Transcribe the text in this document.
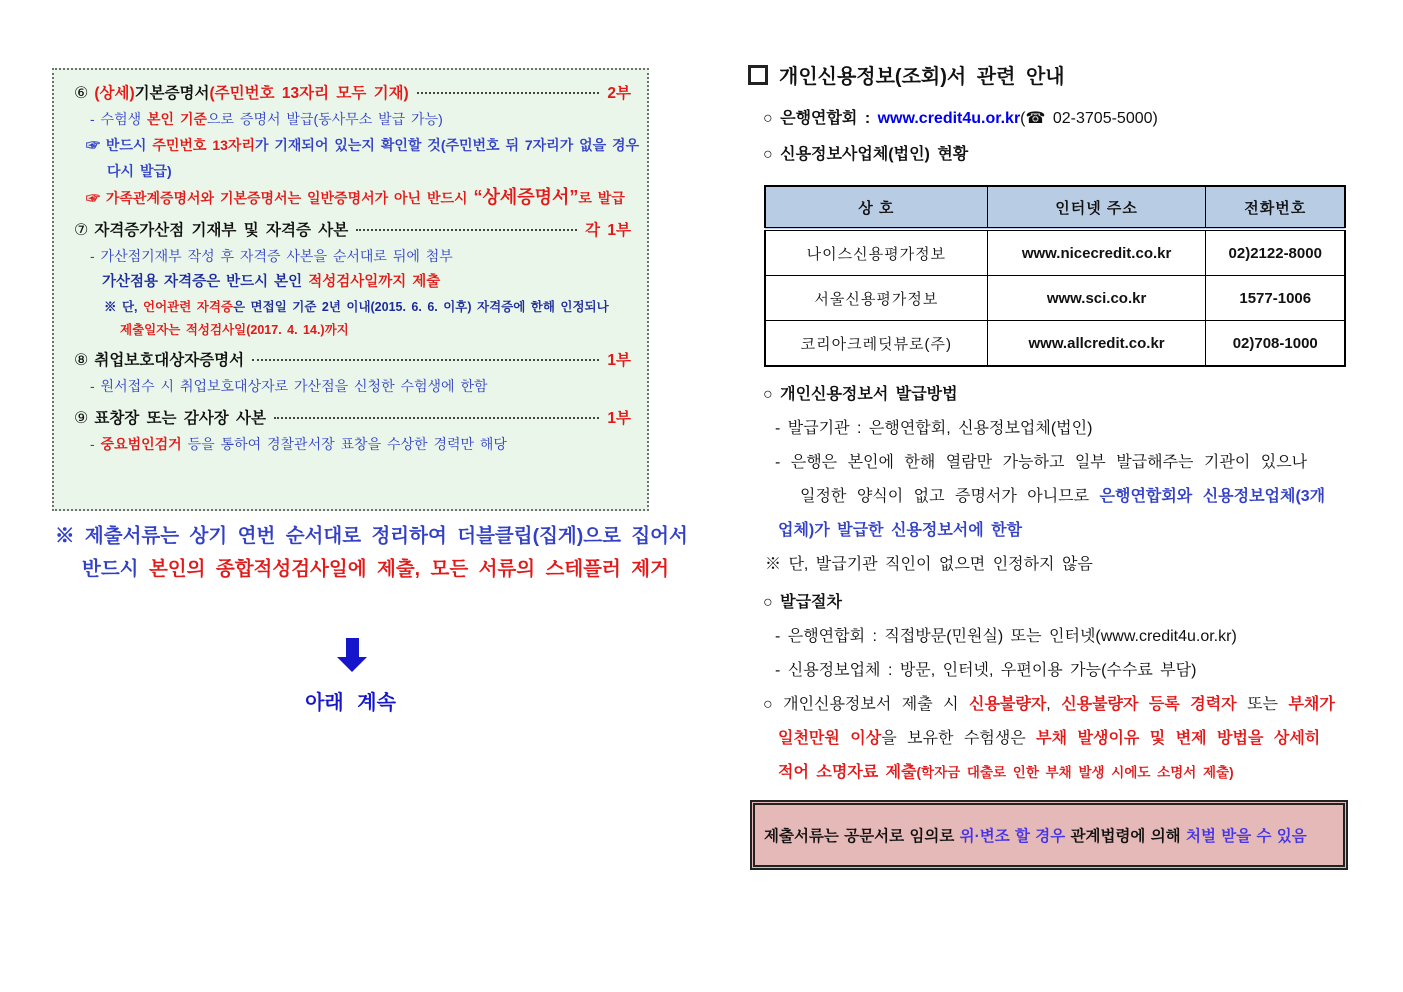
⑥ (상세)기본증명서(주민번호 13자리 모두 기재)	2부
- 수험생 본인 기준으로 증명서 발급(동사무소 발급 가능)
☞ 반드시 주민번호 13자리가 기재되어 있는지 확인할 것(주민번호 뒤 7자리가 없을 경우
다시 발급)
☞ 가족관계증명서와 기본증명서는 일반증명서가 아닌 반드시 “상세증명서”로 발급
⑦ 자격증가산점 기재부 및 자격증 사본	각 1부
- 가산점기재부 작성 후 자격증 사본을 순서대로 뒤에 첨부
가산점용 자격증은 반드시 본인 적성검사일까지 제출
※ 단, 언어관련 자격증은 면접일 기준 2년 이내(2015. 6. 6. 이후) 자격증에 한해 인정되나
제출일자는 적성검사일(2017. 4. 14.)까지
⑧ 취업보호대상자증명서	1부
- 원서접수 시 취업보호대상자로 가산점을 신청한 수험생에 한함
⑨ 표창장 또는 감사장 사본	1부
- 중요범인검거 등을 통하여 경찰관서장 표창을 수상한 경력만 해당
※ 제출서류는 상기 연번 순서대로 정리하여 더블클립(집게)으로 집어서
반드시 본인의 종합적성검사일에 제출, 모든 서류의 스테플러 제거
아래 계속
개인신용정보(조회)서 관련 안내
○ 은행연합회 : www.credit4u.or.kr(☎ 02-3705-5000)
○ 신용정보사업체(법인) 현황
상 호	인터넷 주소	전화번호
나이스신용평가정보	www.nicecredit.co.kr	02)2122-8000
서울신용평가정보	www.sci.co.kr	1577-1006
코리아크레딧뷰로(주)	www.allcredit.co.kr	02)708-1000
○ 개인신용정보서 발급방법
- 발급기관 : 은행연합회, 신용정보업체(법인)
- 은행은 본인에 한해 열람만 가능하고 일부 발급해주는 기관이 있으나
일정한 양식이 없고 증명서가 아니므로 은행연합회와 신용정보업체(3개
업체)가 발급한 신용정보서에 한함
※ 단, 발급기관 직인이 없으면 인정하지 않음
○ 발급절차
- 은행연합회 : 직접방문(민원실) 또는 인터넷(www.credit4u.or.kr)
- 신용정보업체 : 방문, 인터넷, 우편이용 가능(수수료 부담)
○ 개인신용정보서 제출 시 신용불량자, 신용불량자 등록 경력자 또는 부채가
일천만원 이상을 보유한 수험생은 부채 발생이유 및 변제 방법을 상세히
적어 소명자료 제출(학자금 대출로 인한 부채 발생 시에도 소명서 제출)
제출서류는 공문서로 임의로 위·변조 할 경우 관계법령에 의해 처벌 받을 수 있음
